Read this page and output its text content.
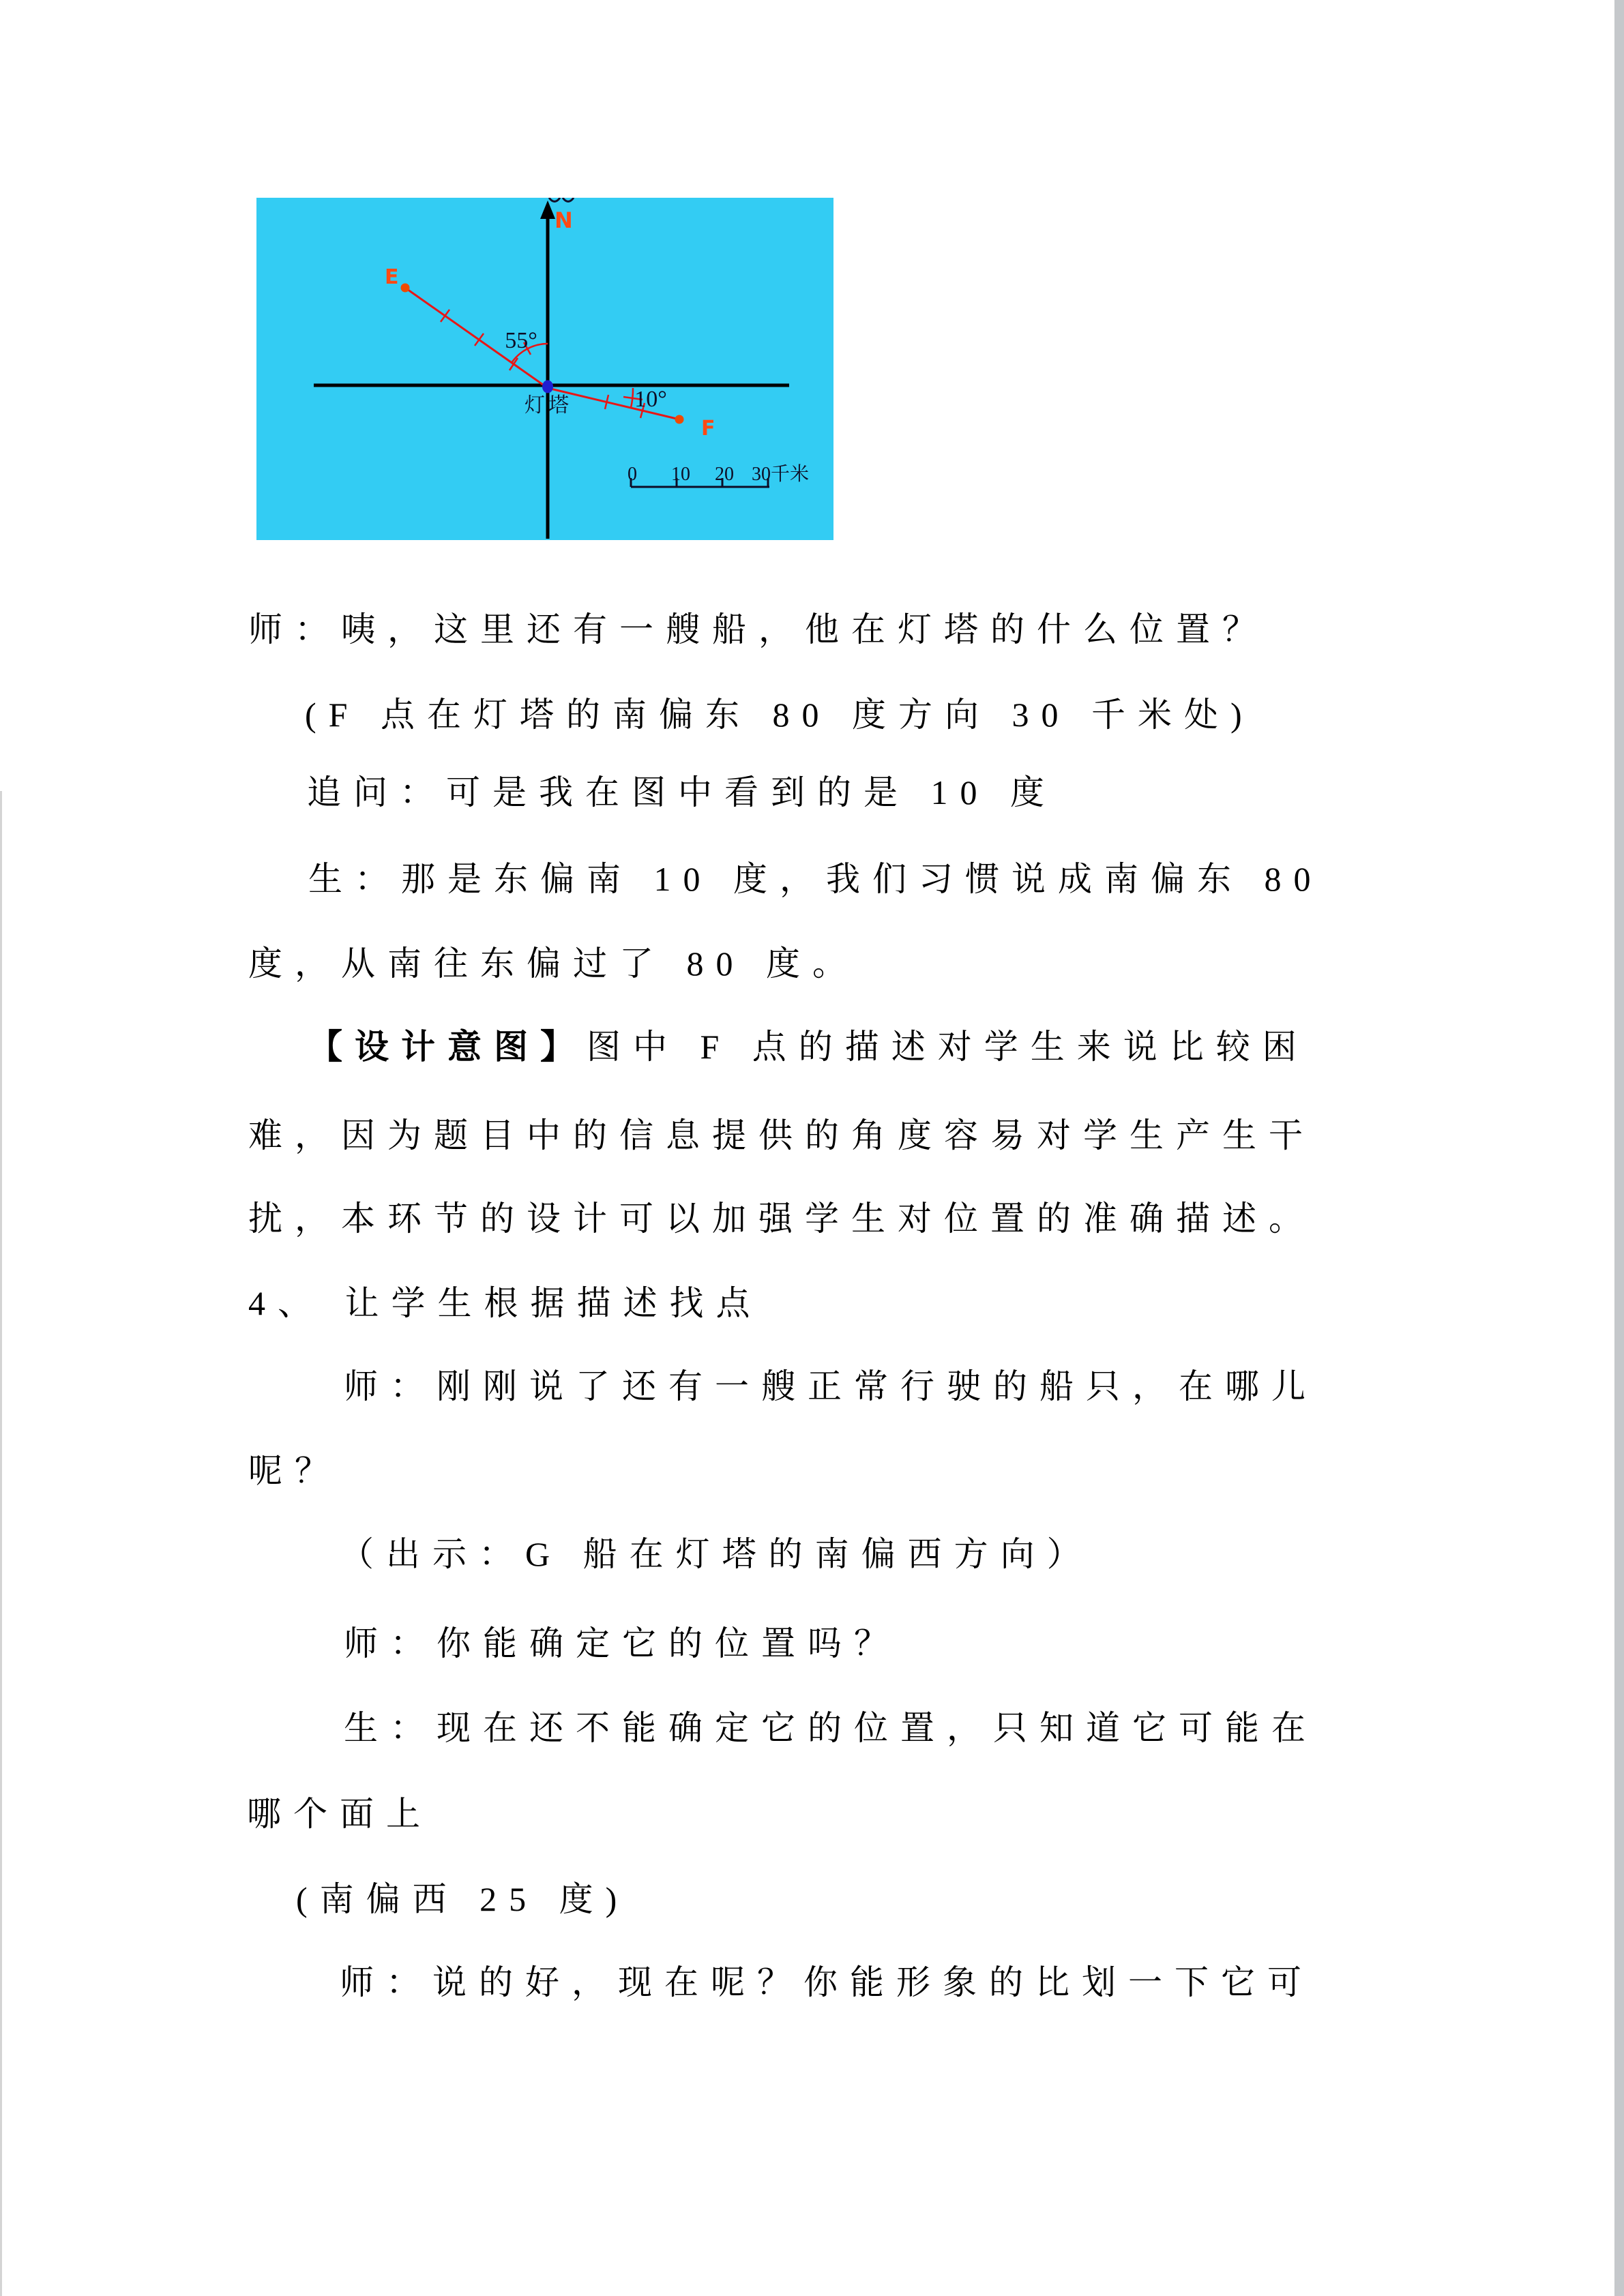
N
E
F
灯塔
55°
10°
0 10 20 30千米
师：咦，这里还有一艘船，他在灯塔的什么位置？
(F 点在灯塔的南偏东 80 度方向 30 千米处)
追问：可是我在图中看到的是 10 度
生：那是东偏南 10 度，我们习惯说成南偏东 80
度，从南往东偏过了 80 度。
【设计意图】图中 F 点的描述对学生来说比较困
难，因为题目中的信息提供的角度容易对学生产生干
扰，本环节的设计可以加强学生对位置的准确描述。
4、 让学生根据描述找点
师：刚刚说了还有一艘正常行驶的船只，在哪儿
呢？
（出示：G 船在灯塔的南偏西方向）
师：你能确定它的位置吗？
生：现在还不能确定它的位置，只知道它可能在
哪个面上
(南偏西 25 度)
师：说的好，现在呢？你能形象的比划一下它可
